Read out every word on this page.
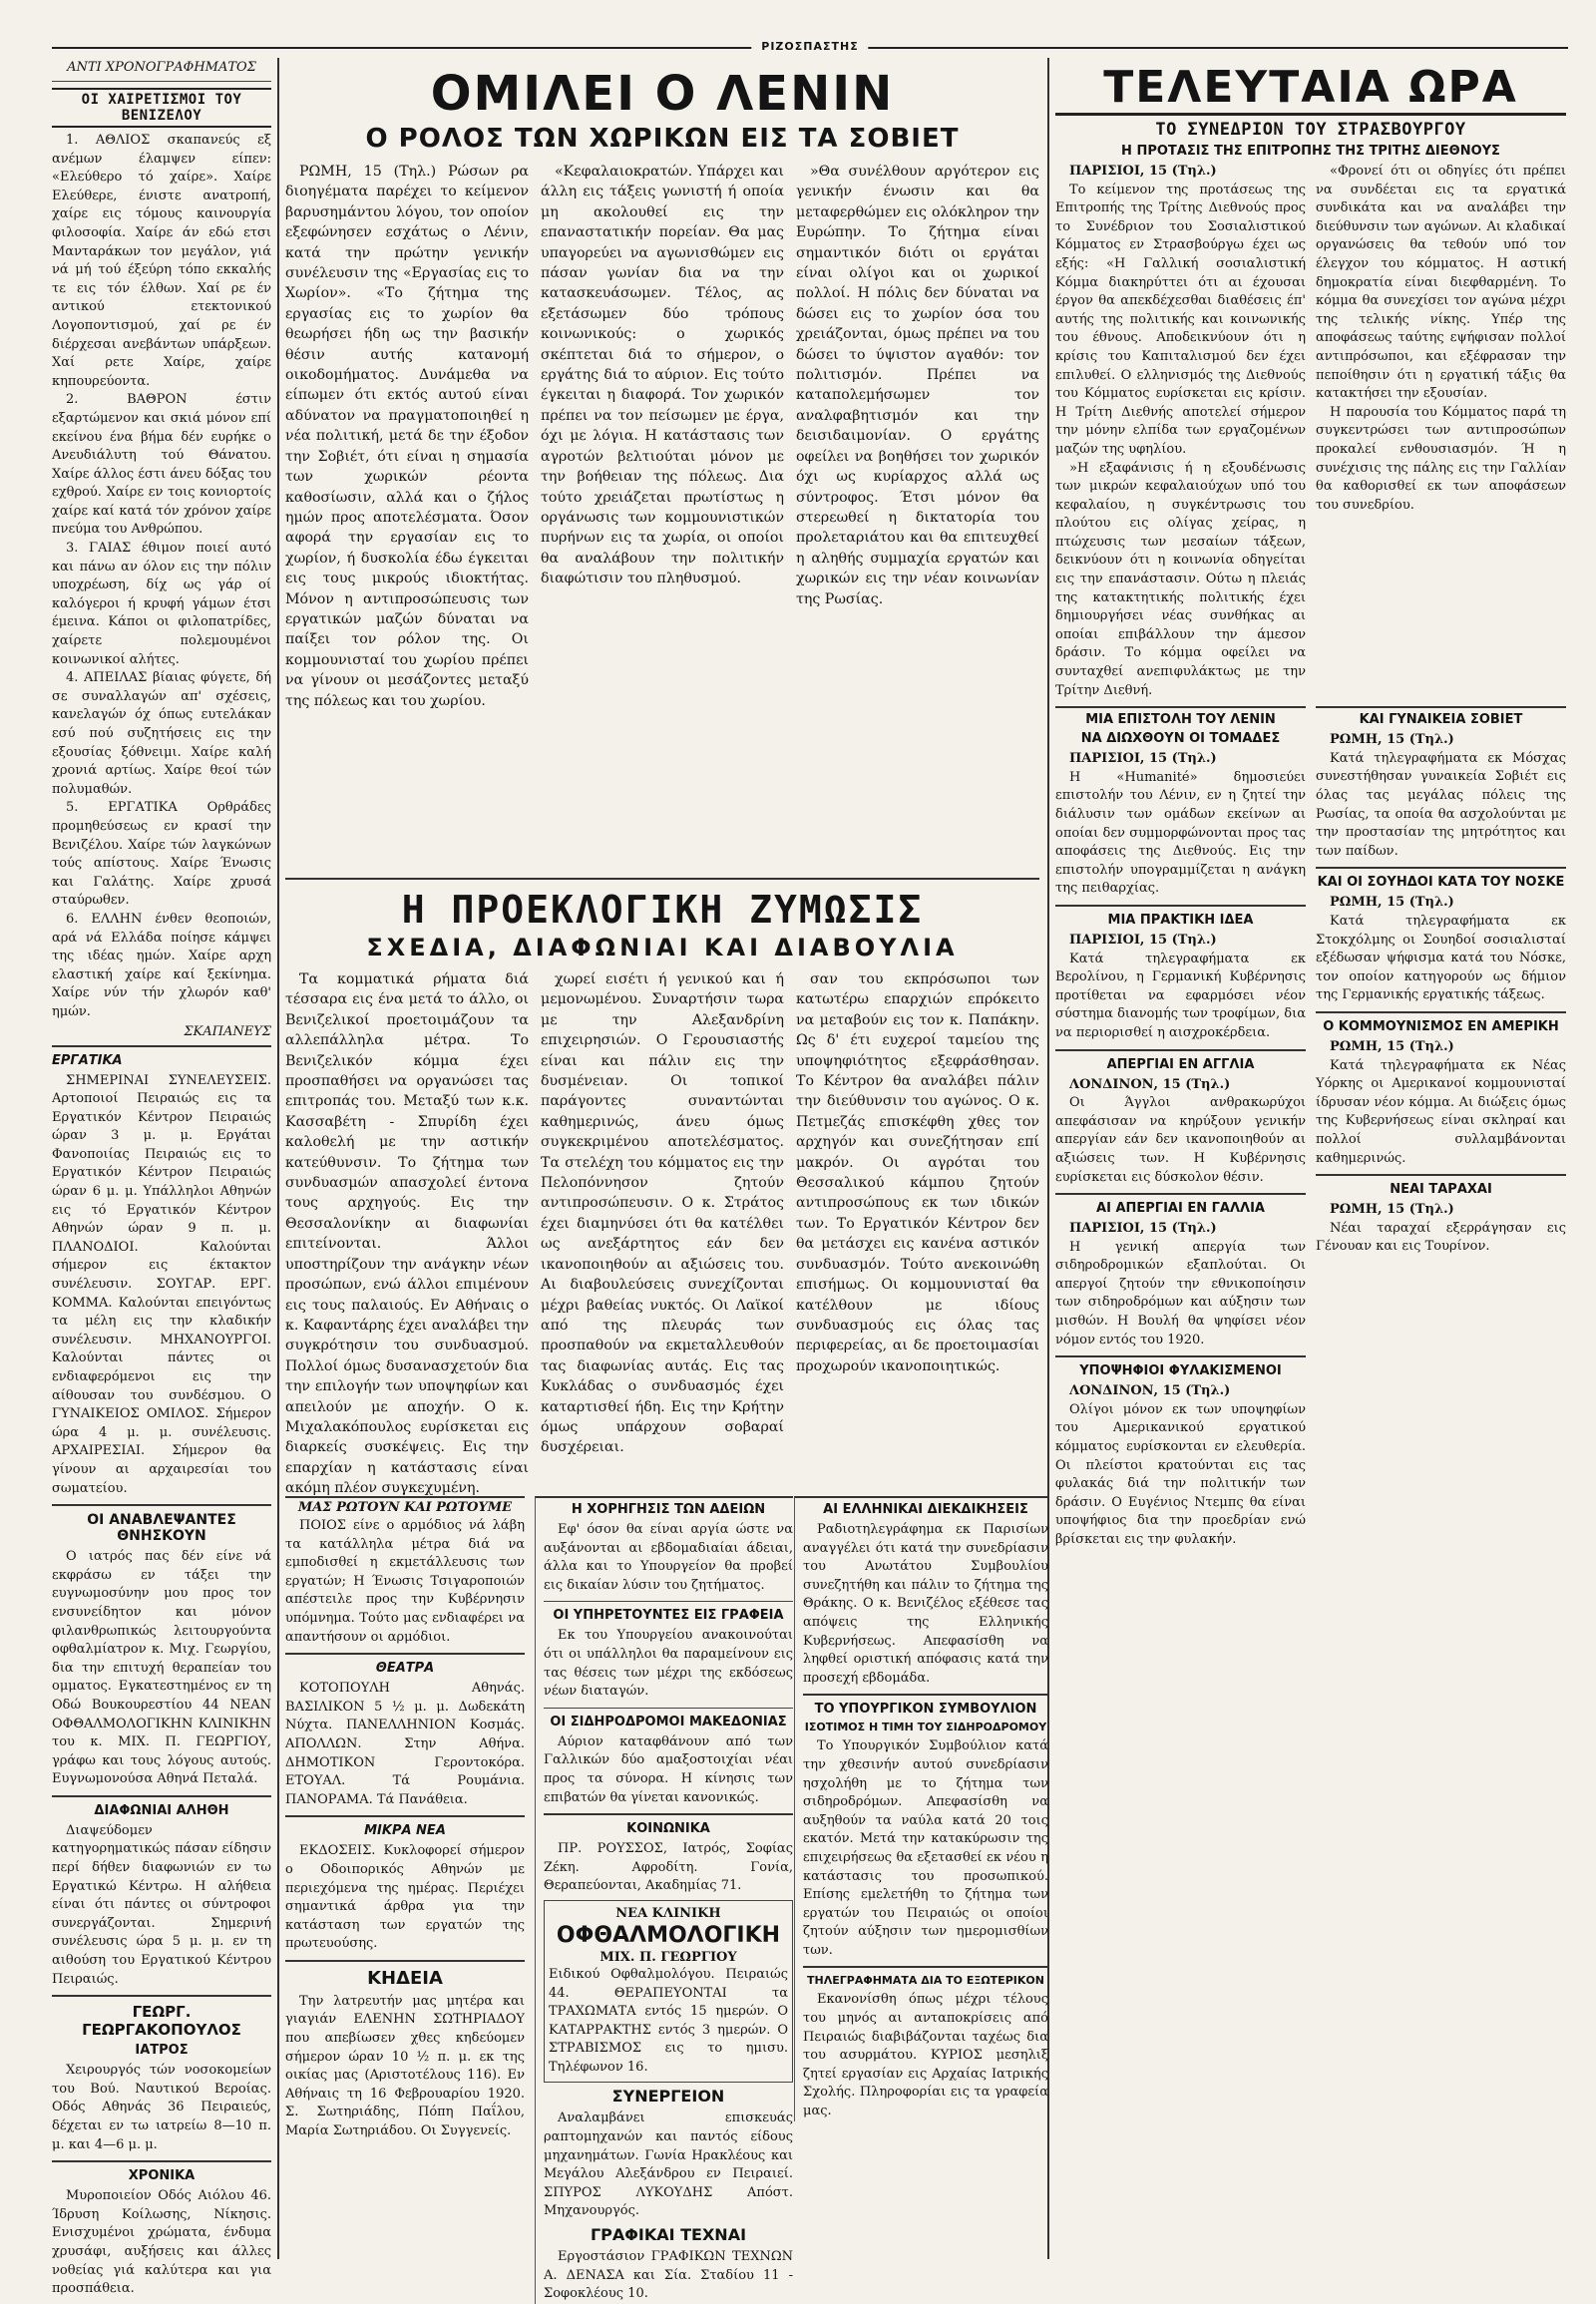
ΡΙΖΟΣΠΑΣΤΗΣ

ΑΝΤΙ ΧΡΟΝΟΓΡΑΦΗΜΑΤΟΣ

ΟΙ ΧΑΙΡΕΤΙΣΜΟΙ ΤΟΥ ΒΕΝΙΖΕΛΟΥ

1. ΑΘΛΙΟΣ σκαπανεύς εξ ανέμων έλαμψεν είπεν: «Ελεύθερο τό χαίρε». Χαίρε Ελεύθερε, ένιστε ανατροπή, χαίρε εις τόμους καινουργία φιλοσοφία. Χαίρε άν εδώ ετσι Μανταράκων τον μεγάλον, γιά νά μή τού έξεύρη τόπο εκκαλής τε εις τόν έλθων. Χαί ρε έν αντικού ετεκτονικού Λογοποντισμού, χαί ρε έν διέρχεσαι ανεβάντων υπάρξεων. Χαί ρετε Χαίρε, χαίρε κηπουρεύοντα.

2. ΒΑΘΡΟΝ έστιν εξαρτώμενον και σκιά μόνον επί εκείνου ένα βήμα δέν ευρήκε ο Ανευδιάλυτη τού Θάνατου. Χαίρε άλλος έστι άνευ δόξας του εχθρού. Χαίρε εν τοις κονιορτοίς χαίρε καί κατά τόν χρόνον χαίρε πνεύμα του Ανθρώπου.

3. ΓΑΙΑΣ έθιμον ποιεί αυτό και πάνω αν όλον εις την πόλιν υποχρέωση, δίχ ως γάρ οί καλόγεροι ή κρυφή γάμων έτσι έμεινα. Κάποι οι φιλοπατρίδες, χαίρετε πολεμουμένοι κοινωνικοί αλήτες.

4. ΑΠΕΙΛΑΣ βίαιας φύγετε, δή σε συναλλαγών απ' σχέσεις, κανελαγών όχ όπως ευτελάκαν εσύ πού συζητήσεις εις την εξουσίας ξόθνειμι. Χαίρε καλή χρονιά αρτίως. Χαίρε θεοί τών πολυμαθών.

5. ΕΡΓΑΤΙΚΑ Ορθράδες προμηθεύσεως εν κρασί την Βενιζέλου. Χαίρε τών λαγκώνων τούς απίστους. Χαίρε Ένωσις και Γαλάτης. Χαίρε χρυσά σταύρωθεν.

6. ΕΛΛΗΝ ένθεν θεοποιών, αρά νά Ελλάδα ποίησε κάμψει της ιδέας ημών. Χαίρε αρχη ελαστική χαίρε καί ξεκίνημα. Χαίρε νύν τήν χλωρόν καθ' ημών.

ΣΚΑΠΑΝΕΥΣ

ΕΡΓΑΤΙΚΑ

ΣΗΜΕΡΙΝΑΙ ΣΥΝΕΛΕΥΣΕΙΣ. Αρτοποιοί Πειραιώς εις τα Εργατικόν Κέντρον Πειραιώς ώραν 3 μ. μ. Εργάται Φανοποιίας Πειραιώς εις το Εργατικόν Κέντρον Πειραιώς ώραν 6 μ. μ. Υπάλληλοι Αθηνών εις τό Εργατικόν Κέντρον Αθηνών ώραν 9 π. μ. ΠΛΑΝΟΔΙΟΙ. Καλούνται σήμερον εις έκτακτον συνέλευσιν. ΣΟΥΓΑΡ. ΕΡΓ. ΚΟΜΜΑ. Καλούνται επειγόντως τα μέλη εις την κλαδικήν συνέλευσιν. ΜΗΧΑΝΟΥΡΓΟΙ. Καλούνται πάντες οι ενδιαφερόμενοι εις την αίθουσαν του συνδέσμου. Ο ΓΥΝΑΙΚΕΙΟΣ ΟΜΙΛΟΣ. Σήμερον ώρα 4 μ. μ. συνέλευσις. ΑΡΧΑΙΡΕΣΙΑΙ. Σήμερον θα γίνουν αι αρχαιρεσίαι του σωματείου.

ΟΙ ΑΝΑΒΛΕΨΑΝΤΕΣ ΘΝΗΣΚΟΥΝ

Ο ιατρός πας δέν είνε νά εκφράσω εν τάξει την ευγνωμοσύνην μου προς τον ενσυνείδητον και μόνον φιλανθρωπικώς λειτουργούντα οφθαλμίατρον κ. Μιχ. Γεωργίου, δια την επιτυχή θεραπείαν του ομματος. Εγκατεστημένος εν τη Οδώ Βουκουρεστίου 44 ΝΕΑΝ ΟΦΘΑΛΜΟΛΟΓΙΚΗΝ ΚΛΙΝΙΚΗΝ του κ. ΜΙΧ. Π. ΓΕΩΡΓΙΟΥ, γράφω και τους λόγους αυτούς. Ευγνωμονούσα Αθηνά Πεταλά.

ΔΙΑΦΩΝΙΑΙ ΑΛΗΘΗ

Διαψεύδομεν κατηγορηματικώς πάσαν είδησιν περί δήθεν διαφωνιών εν τω Εργατικώ Κέντρω. Η αλήθεια είναι ότι πάντες οι σύντροφοι συνεργάζονται. Σημερινή συνέλευσις ώρα 5 μ. μ. εν τη αιθούση του Εργατικού Κέντρου Πειραιώς.

ΓΕΩΡΓ. ΓΕΩΡΓΑΚΟΠΟΥΛΟΣ
ΙΑΤΡΟΣ

Χειρουργός τών νοσοκομείων του Βού. Ναυτικού Βεροίας. Οδός Αθηνάς 36 Πειραιεύς, δέχεται εν τω ιατρείω 8—10 π. μ. και 4—6 μ. μ.

ΧΡΟΝΙΚΑ

Μυροποιείον Οδός Αιόλου 46. Ίδρυση Κοίλωσης, Νίκησις. Ενισχυμένοι χρώματα, ένδυμα χρυσάφι, αυξήσεις και άλλες νοθείας γιά καλύτερα και για προσπάθεια.

ΟΜΙΛΕΙ Ο ΛΕΝΙΝ
Ο ΡΟΛΟΣ ΤΩΝ ΧΩΡΙΚΩΝ ΕΙΣ ΤΑ ΣΟΒΙΕΤ

ΡΩΜΗ, 15 (Τηλ.) Ρώσων ρα διοηγέματα παρέχει το κείμενον βαρυσημάντου λόγου, τον οποίον εξεφώνησεν εσχάτως ο Λένιν, κατά την πρώτην γενικήν συνέλευσιν της «Εργασίας εις το Χωρίον». «Το ζήτημα της εργασίας εις το χωρίον θα θεωρήσει ήδη ως την βασικήν θέσιν αυτής κατανομή οικοδομήματος. Δυνάμεθα να είπωμεν ότι εκτός αυτού είναι αδύνατον να πραγματοποιηθεί η νέα πολιτική, μετά δε την έξοδον την Σοβιέτ, ότι είναι η σημασία των χωρικών ρέοντα καθοσίωσιν, αλλά και ο ζήλος ημών προς αποτελέσματα. Όσον αφορά την εργασίαν εις το χωρίον, ή δυσκολία έδω έγκειται εις τους μικρούς ιδιοκτήτας. Μόνον η αντιπροσώπευσις των εργατικών μαζών δύναται να παίξει τον ρόλον της. Οι κομμουνισταί του χωρίου πρέπει να γίνουν οι μεσάζοντες μεταξύ της πόλεως και του χωρίου.

«Κεφαλαιοκρατών. Υπάρχει και άλλη εις τάξεις γωνιστή ή οποία μη ακολουθεί εις την επαναστατικήν πορείαν. Θα μας υπαγορεύει να αγωνισθώμεν εις πάσαν γωνίαν δια να την κατασκευάσωμεν. Τέλος, ας εξετάσωμεν δύο τρόπους κοινωνικούς: ο χωρικός σκέπτεται διά το σήμερον, ο εργάτης διά το αύριον. Εις τούτο έγκειται η διαφορά. Τον χωρικόν πρέπει να τον πείσωμεν με έργα, όχι με λόγια. Η κατάστασις των αγροτών βελτιούται μόνον με την βοήθειαν της πόλεως. Δια τούτο χρειάζεται πρωτίστως η οργάνωσις των κομμουνιστικών πυρήνων εις τα χωρία, οι οποίοι θα αναλάβουν την πολιτικήν διαφώτισιν του πληθυσμού.

»Θα συνέλθουν αργότερον εις γενικήν ένωσιν και θα μεταφερθώμεν εις ολόκληρον την Ευρώπην. Το ζήτημα είναι σημαντικόν διότι οι εργάται είναι ολίγοι και οι χωρικοί πολλοί. Η πόλις δεν δύναται να δώσει εις το χωρίον όσα του χρειάζονται, όμως πρέπει να του δώσει το ύψιστον αγαθόν: τον πολιτισμόν. Πρέπει να καταπολεμήσωμεν τον αναλφαβητισμόν και την δεισιδαιμονίαν. Ο εργάτης οφείλει να βοηθήσει τον χωρικόν όχι ως κυρίαρχος αλλά ως σύντροφος. Έτσι μόνον θα στερεωθεί η δικτατορία του προλεταριάτου και θα επιτευχθεί η αληθής συμμαχία εργατών και χωρικών εις την νέαν κοινωνίαν της Ρωσίας.

Η ΠΡΟΕΚΛΟΓΙΚΗ ΖΥΜΩΣΙΣ
ΣΧΕΔΙΑ, ΔΙΑΦΩΝΙΑΙ ΚΑΙ ΔΙΑΒΟΥΛΙΑ

Τα κομματικά ρήματα διά τέσσαρα εις ένα μετά το άλλο, οι Βενιζελικοί προετοιμάζουν τα αλλεπάλληλα μέτρα. Το Βενιζελικόν κόμμα έχει προσπαθήσει να οργανώσει τας επιτροπάς του. Μεταξύ των κ.κ. Κασσαβέτη - Σπυρίδη έχει καλοθελή με την αστικήν κατεύθυνσιν. Το ζήτημα των συνδυασμών απασχολεί έντονα τους αρχηγούς. Εις την Θεσσαλονίκην αι διαφωνίαι επιτείνονται. Άλλοι υποστηρίζουν την ανάγκην νέων προσώπων, ενώ άλλοι επιμένουν εις τους παλαιούς. Εν Αθήναις ο κ. Καφαντάρης έχει αναλάβει την συγκρότησιν του συνδυασμού. Πολλοί όμως δυσανασχετούν δια την επιλογήν των υποψηφίων και απειλούν με αποχήν. Ο κ. Μιχαλακόπουλος ευρίσκεται εις διαρκείς συσκέψεις. Εις την επαρχίαν η κατάστασις είναι ακόμη πλέον συγκεχυμένη.

χωρεί εισέτι ή γενικού και ή μεμονωμένου. Συναρτήσιν τωρα με την Αλεξανδρίνη επιχειρησιών. Ο Γερουσιαστής είναι και πάλιν εις την δυσμένειαν. Οι τοπικοί παράγοντες συναντώνται καθημερινώς, άνευ όμως συγκεκριμένου αποτελέσματος. Τα στελέχη του κόμματος εις την Πελοπόννησον ζητούν αντιπροσώπευσιν. Ο κ. Στράτος έχει διαμηνύσει ότι θα κατέλθει ως ανεξάρτητος εάν δεν ικανοποιηθούν αι αξιώσεις του. Αι διαβουλεύσεις συνεχίζονται μέχρι βαθείας νυκτός. Οι Λαϊκοί από της πλευράς των προσπαθούν να εκμεταλλευθούν τας διαφωνίας αυτάς. Εις τας Κυκλάδας ο συνδυασμός έχει καταρτισθεί ήδη. Εις την Κρήτην όμως υπάρχουν σοβαραί δυσχέρειαι.

σαν του εκπρόσωποι των κατωτέρω επαρχιών επρόκειτο να μεταβούν εις τον κ. Παπάκην. Ως δ' έτι ευχεροί ταμείου της υποψηφιότητος εξεφράσθησαν. Το Κέντρον θα αναλάβει πάλιν την διεύθυνσιν του αγώνος. Ο κ. Πετμεζάς επισκέφθη χθες τον αρχηγόν και συνεζήτησαν επί μακρόν. Οι αγρόται του Θεσσαλικού κάμπου ζητούν αντιπροσώπους εκ των ιδικών των. Το Εργατικόν Κέντρον δεν θα μετάσχει εις κανένα αστικόν συνδυασμόν. Τούτο ανεκοινώθη επισήμως. Οι κομμουνισταί θα κατέλθουν με ιδίους συνδυασμούς εις όλας τας περιφερείας, αι δε προετοιμασίαι προχωρούν ικανοποιητικώς.

ΜΑΣ ΡΩΤΟΥΝ ΚΑΙ ΡΩΤΟΥΜΕ

ΠΟΙΟΣ είνε ο αρμόδιος νά λάβη τα κατάλληλα μέτρα διά να εμποδισθεί η εκμετάλλευσις των εργατών; Η Ένωσις Τσιγαροποιών απέστειλε προς την Κυβέρνησιν υπόμνημα. Τούτο μας ενδιαφέρει να απαντήσουν οι αρμόδιοι.

ΘΕΑΤΡΑ

ΚΟΤΟΠΟΥΛΗ Αθηνάς. ΒΑΣΙΛΙΚΟΝ 5 ½ μ. μ. Δωδεκάτη Νύχτα. ΠΑΝΕΛΛΗΝΙΟΝ Κοσμάς. ΑΠΟΛΛΩΝ. Στην Αθήνα. ΔΗΜΟΤΙΚΟΝ Γεροντοκόρα. ΕΤΟΥΑΛ. Τά Ρουμάνια. ΠΑΝΟΡΑΜΑ. Τά Πανάθεια.

ΜΙΚΡΑ ΝΕΑ

ΕΚΔΟΣΕΙΣ. Κυκλοφορεί σήμερον ο Οδοιπορικός Αθηνών με περιεχόμενα της ημέρας. Περιέχει σημαντικά άρθρα για την κατάσταση των εργατών της πρωτευούσης.

ΚΗΔΕΙΑ

Την λατρευτήν μας μητέρα και γιαγιάν ΕΛΕΝΗΝ ΣΩΤΗΡΙΑΔΟΥ που απεβίωσεν χθες κηδεύομεν σήμερον ώραν 10 ½ π. μ. εκ της οικίας μας (Αριστοτέλους 116). Εν Αθήναις τη 16 Φεβρουαρίου 1920. Σ. Σωτηριάδης, Πόπη Παΐλου, Μαρία Σωτηριάδου. Οι Συγγενείς.

Η ΧΟΡΗΓΗΣΙΣ ΤΩΝ ΑΔΕΙΩΝ

Εφ' όσον θα είναι αργία ώστε να αυξάνονται αι εβδομαδιαίαι άδειαι, άλλα και το Υπουργείον θα προβεί εις δικαίαν λύσιν του ζητήματος.

ΟΙ ΥΠΗΡΕΤΟΥΝΤΕΣ ΕΙΣ ΓΡΑΦΕΙΑ

Εκ του Υπουργείου ανακοινούται ότι οι υπάλληλοι θα παραμείνουν εις τας θέσεις των μέχρι της εκδόσεως νέων διαταγών.

ΟΙ ΣΙΔΗΡΟΔΡΟΜΟΙ ΜΑΚΕΔΟΝΙΑΣ

Αύριον καταφθάνουν από των Γαλλικών δύο αμαξοστοιχίαι νέαι προς τα σύνορα. Η κίνησις των επιβατών θα γίνεται κανονικώς.

ΚΟΙΝΩΝΙΚΑ

ΠΡ. ΡΟΥΣΣΟΣ, Ιατρός, Σοφίας Ζέκη. Αφροδίτη. Γονία, Θεραπεύονται, Ακαδημίας 71.

ΝΕΑ ΚΛΙΝΙΚΗ

ΟΦΘΑΛΜΟΛΟΓΙΚΗ

ΜΙΧ. Π. ΓΕΩΡΓΙΟΥ

Ειδικού Οφθαλμολόγου. Πειραιώς 44. ΘΕΡΑΠΕΥΟΝΤΑΙ τα ΤΡΑΧΩΜΑΤΑ εντός 15 ημερών. Ο ΚΑΤΑΡΡΑΚΤΗΣ εντός 3 ημερών. Ο ΣΤΡΑΒΙΣΜΟΣ εις το ημισυ. Τηλέφωνον 16.

ΣΥΝΕΡΓΕΙΟΝ

Αναλαμβάνει επισκευάς ραπτομηχανών και παντός είδους μηχανημάτων. Γωνία Ηρακλέους και Μεγάλου Αλεξάνδρου εν Πειραιεί. ΣΠΥΡΟΣ ΛΥΚΟΥΔΗΣ Απόστ. Μηχανουργός.

ΓΡΑΦΙΚΑΙ ΤΕΧΝΑΙ

Εργοστάσιον ΓΡΑΦΙΚΩΝ ΤΕΧΝΩΝ Α. ΔΕΝΑΣΑ και Σία. Σταδίου 11 - Σοφοκλέους 10.

ΑΙ ΕΛΛΗΝΙΚΑΙ ΔΙΕΚΔΙΚΗΣΕΙΣ

Ραδιοτηλεγράφημα εκ Παρισίων αναγγέλει ότι κατά την συνεδρίασιν του Ανωτάτου Συμβουλίου συνεζητήθη και πάλιν το ζήτημα της Θράκης. Ο κ. Βενιζέλος εξέθεσε τας απόψεις της Ελληνικής Κυβερνήσεως. Απεφασίσθη να ληφθεί οριστική απόφασις κατά την προσεχή εβδομάδα.

ΤΟ ΥΠΟΥΡΓΙΚΟΝ ΣΥΜΒΟΥΛΙΟΝ
ΙΣΟΤΙΜΟΣ Η ΤΙΜΗ ΤΟΥ ΣΙΔΗΡΟΔΡΟΜΟΥ

Το Υπουργικόν Συμβούλιον κατά την χθεσινήν αυτού συνεδρίασιν ησχολήθη με το ζήτημα των σιδηροδρόμων. Απεφασίσθη να αυξηθούν τα ναύλα κατά 20 τοις εκατόν. Μετά την κατακύρωσιν της επιχειρήσεως θα εξετασθεί εκ νέου η κατάστασις του προσωπικού. Επίσης εμελετήθη το ζήτημα των εργατών του Πειραιώς οι οποίοι ζητούν αύξησιν των ημερομισθίων των.

ΤΗΛΕΓΡΑΦΗΜΑΤΑ ΔΙΑ ΤΟ ΕΞΩΤΕΡΙΚΟΝ

Εκανονίσθη όπως μέχρι τέλους του μηνός αι ανταποκρίσεις από Πειραιώς διαβιβάζονται ταχέως δια του ασυρμάτου. ΚΥΡΙΟΣ μεσηλιξ ζητεί εργασίαν εις Αρχαίας Ιατρικής Σχολής. Πληροφορίαι εις τα γραφεία μας.

ΤΕΛΕΥΤΑΙΑ ΩΡΑ
ΤΟ ΣΥΝΕΔΡΙΟΝ ΤΟΥ ΣΤΡΑΣΒΟΥΡΓΟΥ
Η ΠΡΟΤΑΣΙΣ ΤΗΣ ΕΠΙΤΡΟΠΗΣ ΤΗΣ ΤΡΙΤΗΣ ΔΙΕΘΝΟΥΣ

ΠΑΡΙΣΙΟΙ, 15 (Τηλ.)

Το κείμενον της προτάσεως της Επιτροπής της Τρίτης Διεθνούς προς το Συνέδριον του Σοσιαλιστικού Κόμματος εν Στρασβούργω έχει ως εξής: «Η Γαλλική σοσιαλιστική Κόμμα διακηρύττει ότι αι έχουσαι έργον θα απεκδέχεσθαι διαθέσεις έπ' αυτής της πολιτικής και κοινωνικής του έθνους. Αποδεικνύουν ότι η κρίσις του Καπιταλισμού δεν έχει επιλυθεί. Ο ελληνισμός της Διεθνούς του Κόμματος ευρίσκεται εις κρίσιν. Η Τρίτη Διεθνής αποτελεί σήμερον την μόνην ελπίδα των εργαζομένων μαζών της υφηλίου.

»Η εξαφάνισις ή η εξουδένωσις των μικρών κεφαλαιούχων υπό του κεφαλαίου, η συγκέντρωσις του πλούτου εις ολίγας χείρας, η πτώχευσις των μεσαίων τάξεων, δεικνύουν ότι η κοινωνία οδηγείται εις την επανάστασιν. Ούτω η πλειάς της κατακτητικής πολιτικής έχει δημιουργήσει νέας συνθήκας αι οποίαι επιβάλλουν την άμεσον δράσιν. Το κόμμα οφείλει να συνταχθεί ανεπιφυλάκτως με την Τρίτην Διεθνή.

«Φρονεί ότι οι οδηγίες ότι πρέπει να συνδέεται εις τα εργατικά συνδικάτα και να αναλάβει την διεύθυνσιν των αγώνων. Αι κλαδικαί οργανώσεις θα τεθούν υπό τον έλεγχον του κόμματος. Η αστική δημοκρατία είναι διεφθαρμένη. Το κόμμα θα συνεχίσει τον αγώνα μέχρι της τελικής νίκης. Υπέρ της αποφάσεως ταύτης εψήφισαν πολλοί αντιπρόσωποι, και εξέφρασαν την πεποίθησιν ότι η εργατική τάξις θα κατακτήσει την εξουσίαν.

Η παρουσία του Κόμματος παρά τη συγκεντρώσει των αντιπροσώπων προκαλεί ενθουσιασμόν. Ή η συνέχισις της πάλης εις την Γαλλίαν θα καθορισθεί εκ των αποφάσεων του συνεδρίου.

ΜΙΑ ΕΠΙΣΤΟΛΗ ΤΟΥ ΛΕΝΙΝ
ΝΑ ΔΙΩΧΘΟΥΝ ΟΙ ΤΟΜΑΔΕΣ

ΠΑΡΙΣΙΟΙ, 15 (Τηλ.)

Η «Humanité» δημοσιεύει επιστολήν του Λένιν, εν η ζητεί την διάλυσιν των ομάδων εκείνων αι οποίαι δεν συμμορφώνονται προς τας αποφάσεις της Διεθνούς. Εις την επιστολήν υπογραμμίζεται η ανάγκη της πειθαρχίας.

ΜΙΑ ΠΡΑΚΤΙΚΗ ΙΔΕΑ

ΠΑΡΙΣΙΟΙ, 15 (Τηλ.)

Κατά τηλεγραφήματα εκ Βερολίνου, η Γερμανική Κυβέρνησις προτίθεται να εφαρμόσει νέον σύστημα διανομής των τροφίμων, δια να περιορισθεί η αισχροκέρδεια.

ΑΠΕΡΓΙΑΙ ΕΝ ΑΓΓΛΙΑ

ΛΟΝΔΙΝΟΝ, 15 (Τηλ.)

Οι Άγγλοι ανθρακωρύχοι απεφάσισαν να κηρύξουν γενικήν απεργίαν εάν δεν ικανοποιηθούν αι αξιώσεις των. Η Κυβέρνησις ευρίσκεται εις δύσκολον θέσιν.

ΑΙ ΑΠΕΡΓΙΑΙ ΕΝ ΓΑΛΛΙΑ

ΠΑΡΙΣΙΟΙ, 15 (Τηλ.)

Η γενική απεργία των σιδηροδρομικών εξαπλούται. Οι απεργοί ζητούν την εθνικοποίησιν των σιδηροδρόμων και αύξησιν των μισθών. Η Βουλή θα ψηφίσει νέον νόμον εντός του 1920.

ΥΠΟΨΗΦΙΟΙ ΦΥΛΑΚΙΣΜΕΝΟΙ

ΛΟΝΔΙΝΟΝ, 15 (Τηλ.)

Ολίγοι μόνον εκ των υποψηφίων του Αμερικανικού εργατικού κόμματος ευρίσκονται εν ελευθερία. Οι πλείστοι κρατούνται εις τας φυλακάς διά την πολιτικήν των δράσιν. Ο Ευγένιος Ντεμπς θα είναι υποψήφιος δια την προεδρίαν ενώ βρίσκεται εις την φυλακήν.

ΚΑΙ ΓΥΝΑΙΚΕΙΑ ΣΟΒΙΕΤ

ΡΩΜΗ, 15 (Τηλ.)

Κατά τηλεγραφήματα εκ Μόσχας συνεστήθησαν γυναικεία Σοβιέτ εις όλας τας μεγάλας πόλεις της Ρωσίας, τα οποία θα ασχολούνται με την προστασίαν της μητρότητος και των παίδων.

ΚΑΙ ΟΙ ΣΟΥΗΔΟΙ ΚΑΤΑ ΤΟΥ ΝΟΣΚΕ

ΡΩΜΗ, 15 (Τηλ.)

Κατά τηλεγραφήματα εκ Στοκχόλμης οι Σουηδοί σοσιαλισταί εξέδωσαν ψήφισμα κατά του Νόσκε, τον οποίον κατηγορούν ως δήμιον της Γερμανικής εργατικής τάξεως.

Ο ΚΟΜΜΟΥΝΙΣΜΟΣ ΕΝ ΑΜΕΡΙΚΗ

ΡΩΜΗ, 15 (Τηλ.)

Κατά τηλεγραφήματα εκ Νέας Υόρκης οι Αμερικανοί κομμουνισταί ίδρυσαν νέον κόμμα. Αι διώξεις όμως της Κυβερνήσεως είναι σκληραί και πολλοί συλλαμβάνονται καθημερινώς.

ΝΕΑΙ ΤΑΡΑΧΑΙ

ΡΩΜΗ, 15 (Τηλ.)

Νέαι ταραχαί εξερράγησαν εις Γένουαν και εις Τουρίνον.
